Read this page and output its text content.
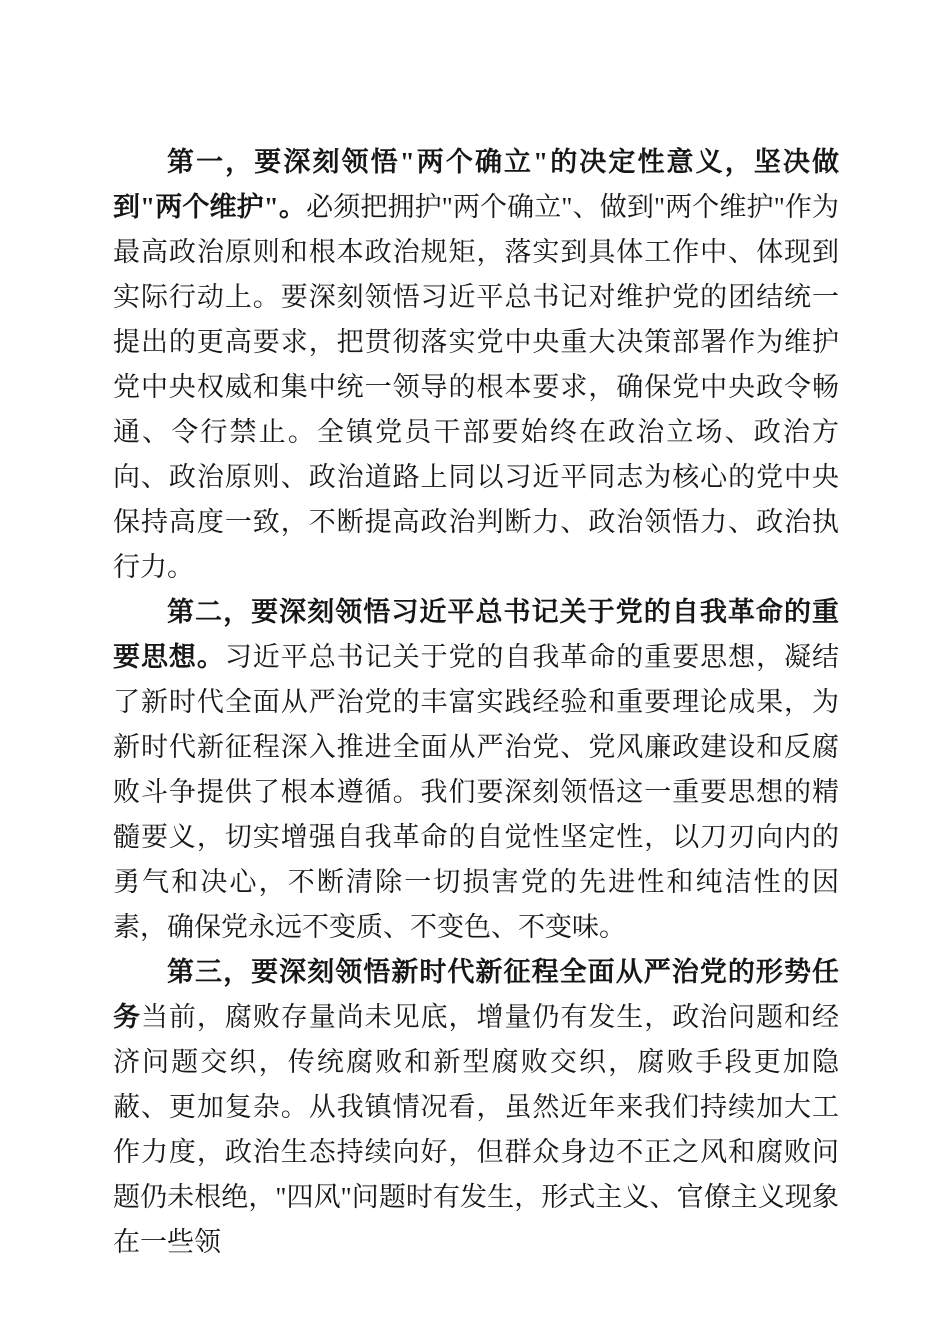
第一，要深刻领悟"两个确立"的决定性意义，坚决做到"两个维护"。必须把拥护"两个确立"、做到"两个维护"作为最高政治原则和根本政治规矩，落实到具体工作中、体现到实际行动上。要深刻领悟习近平总书记对维护党的团结统一提出的更高要求，把贯彻落实党中央重大决策部署作为维护党中央权威和集中统一领导的根本要求，确保党中央政令畅通、令行禁止。全镇党员干部要始终在政治立场、政治方向、政治原则、政治道路上同以习近平同志为核心的党中央保持高度一致，不断提高政治判断力、政治领悟力、政治执行力。

第二，要深刻领悟习近平总书记关于党的自我革命的重要思想。习近平总书记关于党的自我革命的重要思想，凝结了新时代全面从严治党的丰富实践经验和重要理论成果，为新时代新征程深入推进全面从严治党、党风廉政建设和反腐败斗争提供了根本遵循。我们要深刻领悟这一重要思想的精髓要义，切实增强自我革命的自觉性坚定性，以刀刃向内的勇气和决心，不断清除一切损害党的先进性和纯洁性的因素，确保党永远不变质、不变色、不变味。

第三，要深刻领悟新时代新征程全面从严治党的形势任务当前，腐败存量尚未见底，增量仍有发生，政治问题和经济问题交织，传统腐败和新型腐败交织，腐败手段更加隐蔽、更加复杂。从我镇情况看，虽然近年来我们持续加大工作力度，政治生态持续向好，但群众身边不正之风和腐败问题仍未根绝，"四风"问题时有发生，形式主义、官僚主义现象在一些领
